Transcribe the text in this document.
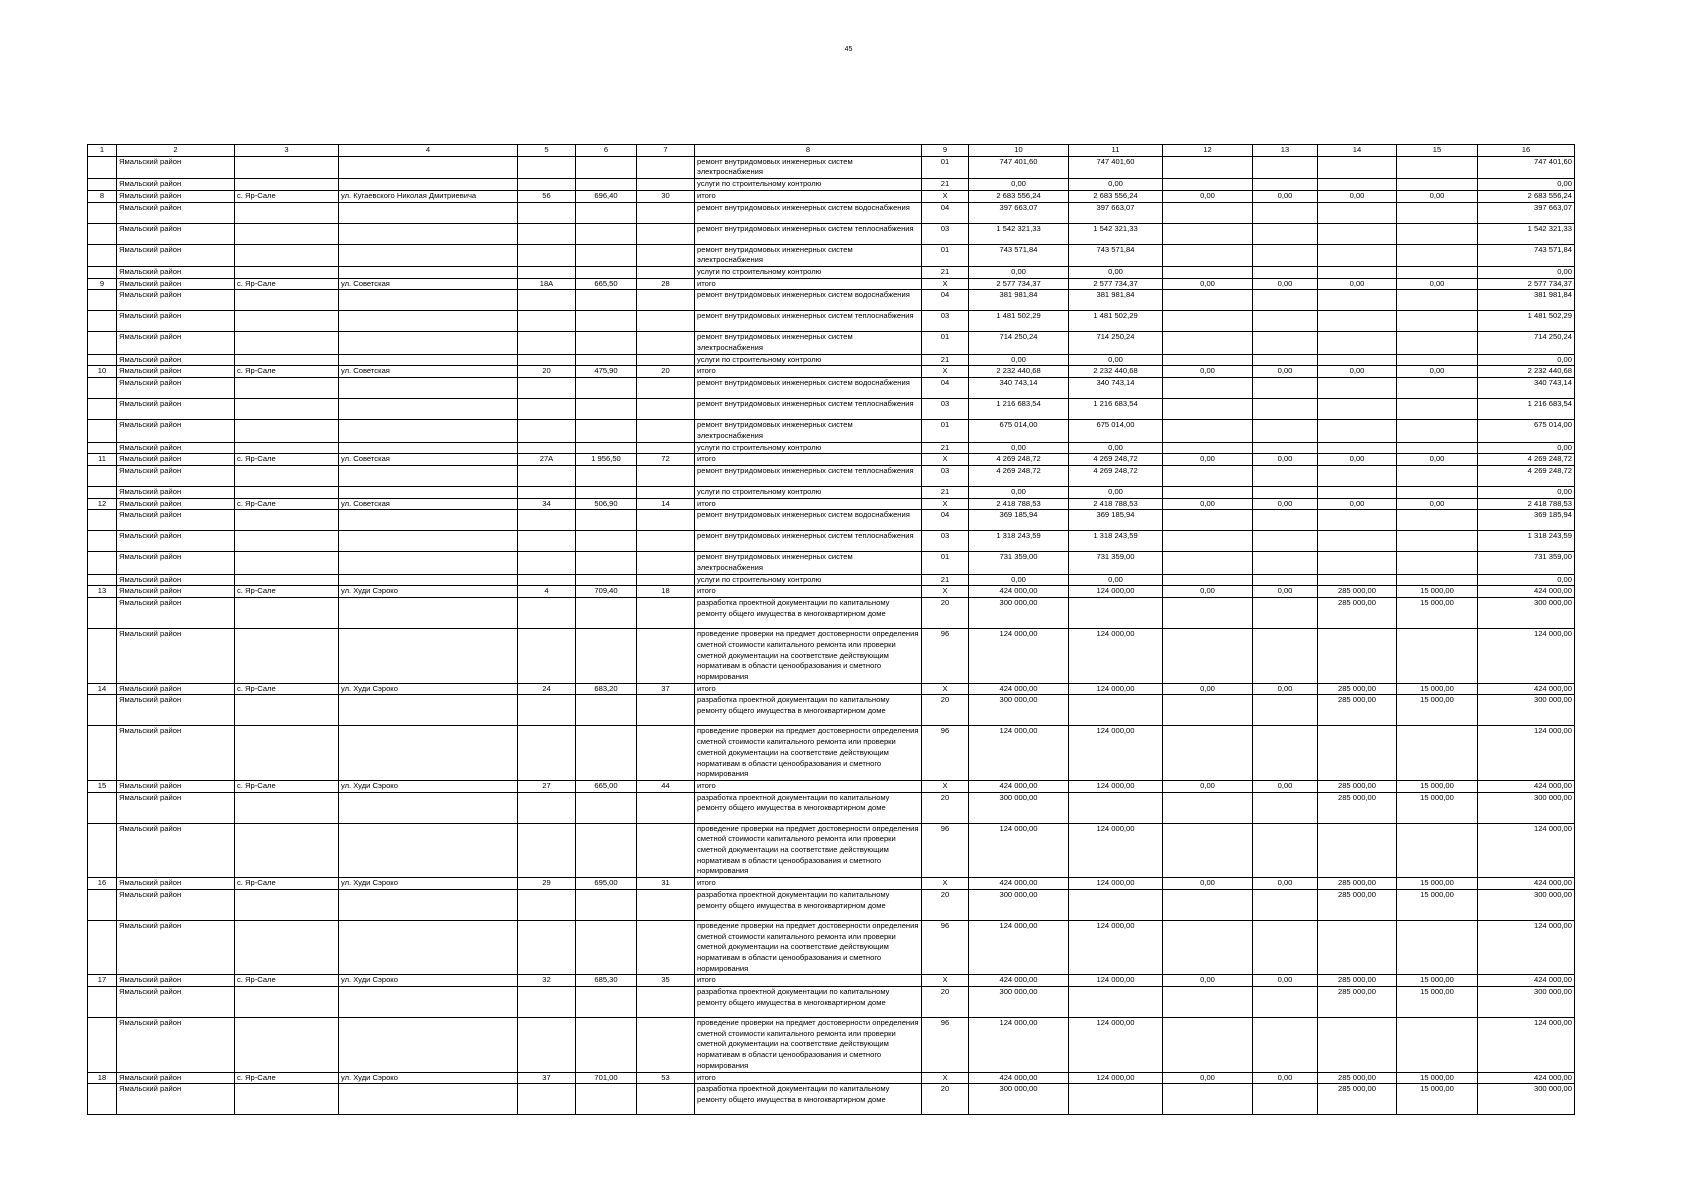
45
1	2	3	4	5	6	7	8	9	10	11	12	13	14	15	16
	Ямальский район						ремонт внутридомовых инженерных систем электроснабжения	01	747 401,60	747 401,60					747 401,60
	Ямальский район						услуги по строительному контролю	21	0,00	0,00					0,00
8	Ямальский район	с. Яр-Сале	ул. Кугаевского Николая Дмитриевича	56	696,40	30	итого	Х	2 683 556,24	2 683 556,24	0,00	0,00	0,00	0,00	2 683 556,24
	Ямальский район						ремонт внутридомовых инженерных систем водоснабжения	04	397 663,07	397 663,07					397 663,07
	Ямальский район						ремонт внутридомовых инженерных систем теплоснабжения	03	1 542 321,33	1 542 321,33					1 542 321,33
	Ямальский район						ремонт внутридомовых инженерных систем электроснабжения	01	743 571,84	743 571,84					743 571,84
	Ямальский район						услуги по строительному контролю	21	0,00	0,00					0,00
9	Ямальский район	с. Яр-Сале	ул. Советская	18А	665,50	28	итого	Х	2 577 734,37	2 577 734,37	0,00	0,00	0,00	0,00	2 577 734,37
	Ямальский район						ремонт внутридомовых инженерных систем водоснабжения	04	381 981,84	381 981,84					381 981,84
	Ямальский район						ремонт внутридомовых инженерных систем теплоснабжения	03	1 481 502,29	1 481 502,29					1 481 502,29
	Ямальский район						ремонт внутридомовых инженерных систем электроснабжения	01	714 250,24	714 250,24					714 250,24
	Ямальский район						услуги по строительному контролю	21	0,00	0,00					0,00
10	Ямальский район	с. Яр-Сале	ул. Советская	20	475,90	20	итого	Х	2 232 440,68	2 232 440,68	0,00	0,00	0,00	0,00	2 232 440,68
	Ямальский район						ремонт внутридомовых инженерных систем водоснабжения	04	340 743,14	340 743,14					340 743,14
	Ямальский район						ремонт внутридомовых инженерных систем теплоснабжения	03	1 216 683,54	1 216 683,54					1 216 683,54
	Ямальский район						ремонт внутридомовых инженерных систем электроснабжения	01	675 014,00	675 014,00					675 014,00
	Ямальский район						услуги по строительному контролю	21	0,00	0,00					0,00
11	Ямальский район	с. Яр-Сале	ул. Советская	27А	1 956,50	72	итого	Х	4 269 248,72	4 269 248,72	0,00	0,00	0,00	0,00	4 269 248,72
	Ямальский район						ремонт внутридомовых инженерных систем теплоснабжения	03	4 269 248,72	4 269 248,72					4 269 248,72
	Ямальский район						услуги по строительному контролю	21	0,00	0,00					0,00
12	Ямальский район	с. Яр-Сале	ул. Советская	34	506,90	14	итого	Х	2 418 788,53	2 418 788,53	0,00	0,00	0,00	0,00	2 418 788,53
	Ямальский район						ремонт внутридомовых инженерных систем водоснабжения	04	369 185,94	369 185,94					369 185,94
	Ямальский район						ремонт внутридомовых инженерных систем теплоснабжения	03	1 318 243,59	1 318 243,59					1 318 243,59
	Ямальский район						ремонт внутридомовых инженерных систем электроснабжения	01	731 359,00	731 359,00					731 359,00
	Ямальский район						услуги по строительному контролю	21	0,00	0,00					0,00
13	Ямальский район	с. Яр-Сале	ул. Худи Сэроко	4	709,40	18	итого	Х	424 000,00	124 000,00	0,00	0,00	285 000,00	15 000,00	424 000,00
	Ямальский район						разработка проектной документации по капитальному ремонту общего имущества в многоквартирном доме	20	300 000,00				285 000,00	15 000,00	300 000,00
	Ямальский район						проведение проверки на предмет достоверности определения сметной стоимости капитального ремонта или проверки сметной документации на соответствие действующим нормативам в области ценообразования и сметного нормирования	96	124 000,00	124 000,00					124 000,00
14	Ямальский район	с. Яр-Сале	ул. Худи Сэроко	24	683,20	37	итого	Х	424 000,00	124 000,00	0,00	0,00	285 000,00	15 000,00	424 000,00
	Ямальский район						разработка проектной документации по капитальному ремонту общего имущества в многоквартирном доме	20	300 000,00				285 000,00	15 000,00	300 000,00
	Ямальский район						проведение проверки на предмет достоверности определения сметной стоимости капитального ремонта или проверки сметной документации на соответствие действующим нормативам в области ценообразования и сметного нормирования	96	124 000,00	124 000,00					124 000,00
15	Ямальский район	с. Яр-Сале	ул. Худи Сэроко	27	665,00	44	итого	Х	424 000,00	124 000,00	0,00	0,00	285 000,00	15 000,00	424 000,00
	Ямальский район						разработка проектной документации по капитальному ремонту общего имущества в многоквартирном доме	20	300 000,00				285 000,00	15 000,00	300 000,00
	Ямальский район						проведение проверки на предмет достоверности определения сметной стоимости капитального ремонта или проверки сметной документации на соответствие действующим нормативам в области ценообразования и сметного нормирования	96	124 000,00	124 000,00					124 000,00
16	Ямальский район	с. Яр-Сале	ул. Худи Сэроко	29	695,00	31	итого	Х	424 000,00	124 000,00	0,00	0,00	285 000,00	15 000,00	424 000,00
	Ямальский район						разработка проектной документации по капитальному ремонту общего имущества в многоквартирном доме	20	300 000,00				285 000,00	15 000,00	300 000,00
	Ямальский район						проведение проверки на предмет достоверности определения сметной стоимости капитального ремонта или проверки сметной документации на соответствие действующим нормативам в области ценообразования и сметного нормирования	96	124 000,00	124 000,00					124 000,00
17	Ямальский район	с. Яр-Сале	ул. Худи Сэроко	32	685,30	35	итого	Х	424 000,00	124 000,00	0,00	0,00	285 000,00	15 000,00	424 000,00
	Ямальский район						разработка проектной документации по капитальному ремонту общего имущества в многоквартирном доме	20	300 000,00				285 000,00	15 000,00	300 000,00
	Ямальский район						проведение проверки на предмет достоверности определения сметной стоимости капитального ремонта или проверки сметной документации на соответствие действующим нормативам в области ценообразования и сметного нормирования	96	124 000,00	124 000,00					124 000,00
18	Ямальский район	с. Яр-Сале	ул. Худи Сэроко	37	701,00	53	итого	Х	424 000,00	124 000,00	0,00	0,00	285 000,00	15 000,00	424 000,00
	Ямальский район						разработка проектной документации по капитальному ремонту общего имущества в многоквартирном доме	20	300 000,00				285 000,00	15 000,00	300 000,00
